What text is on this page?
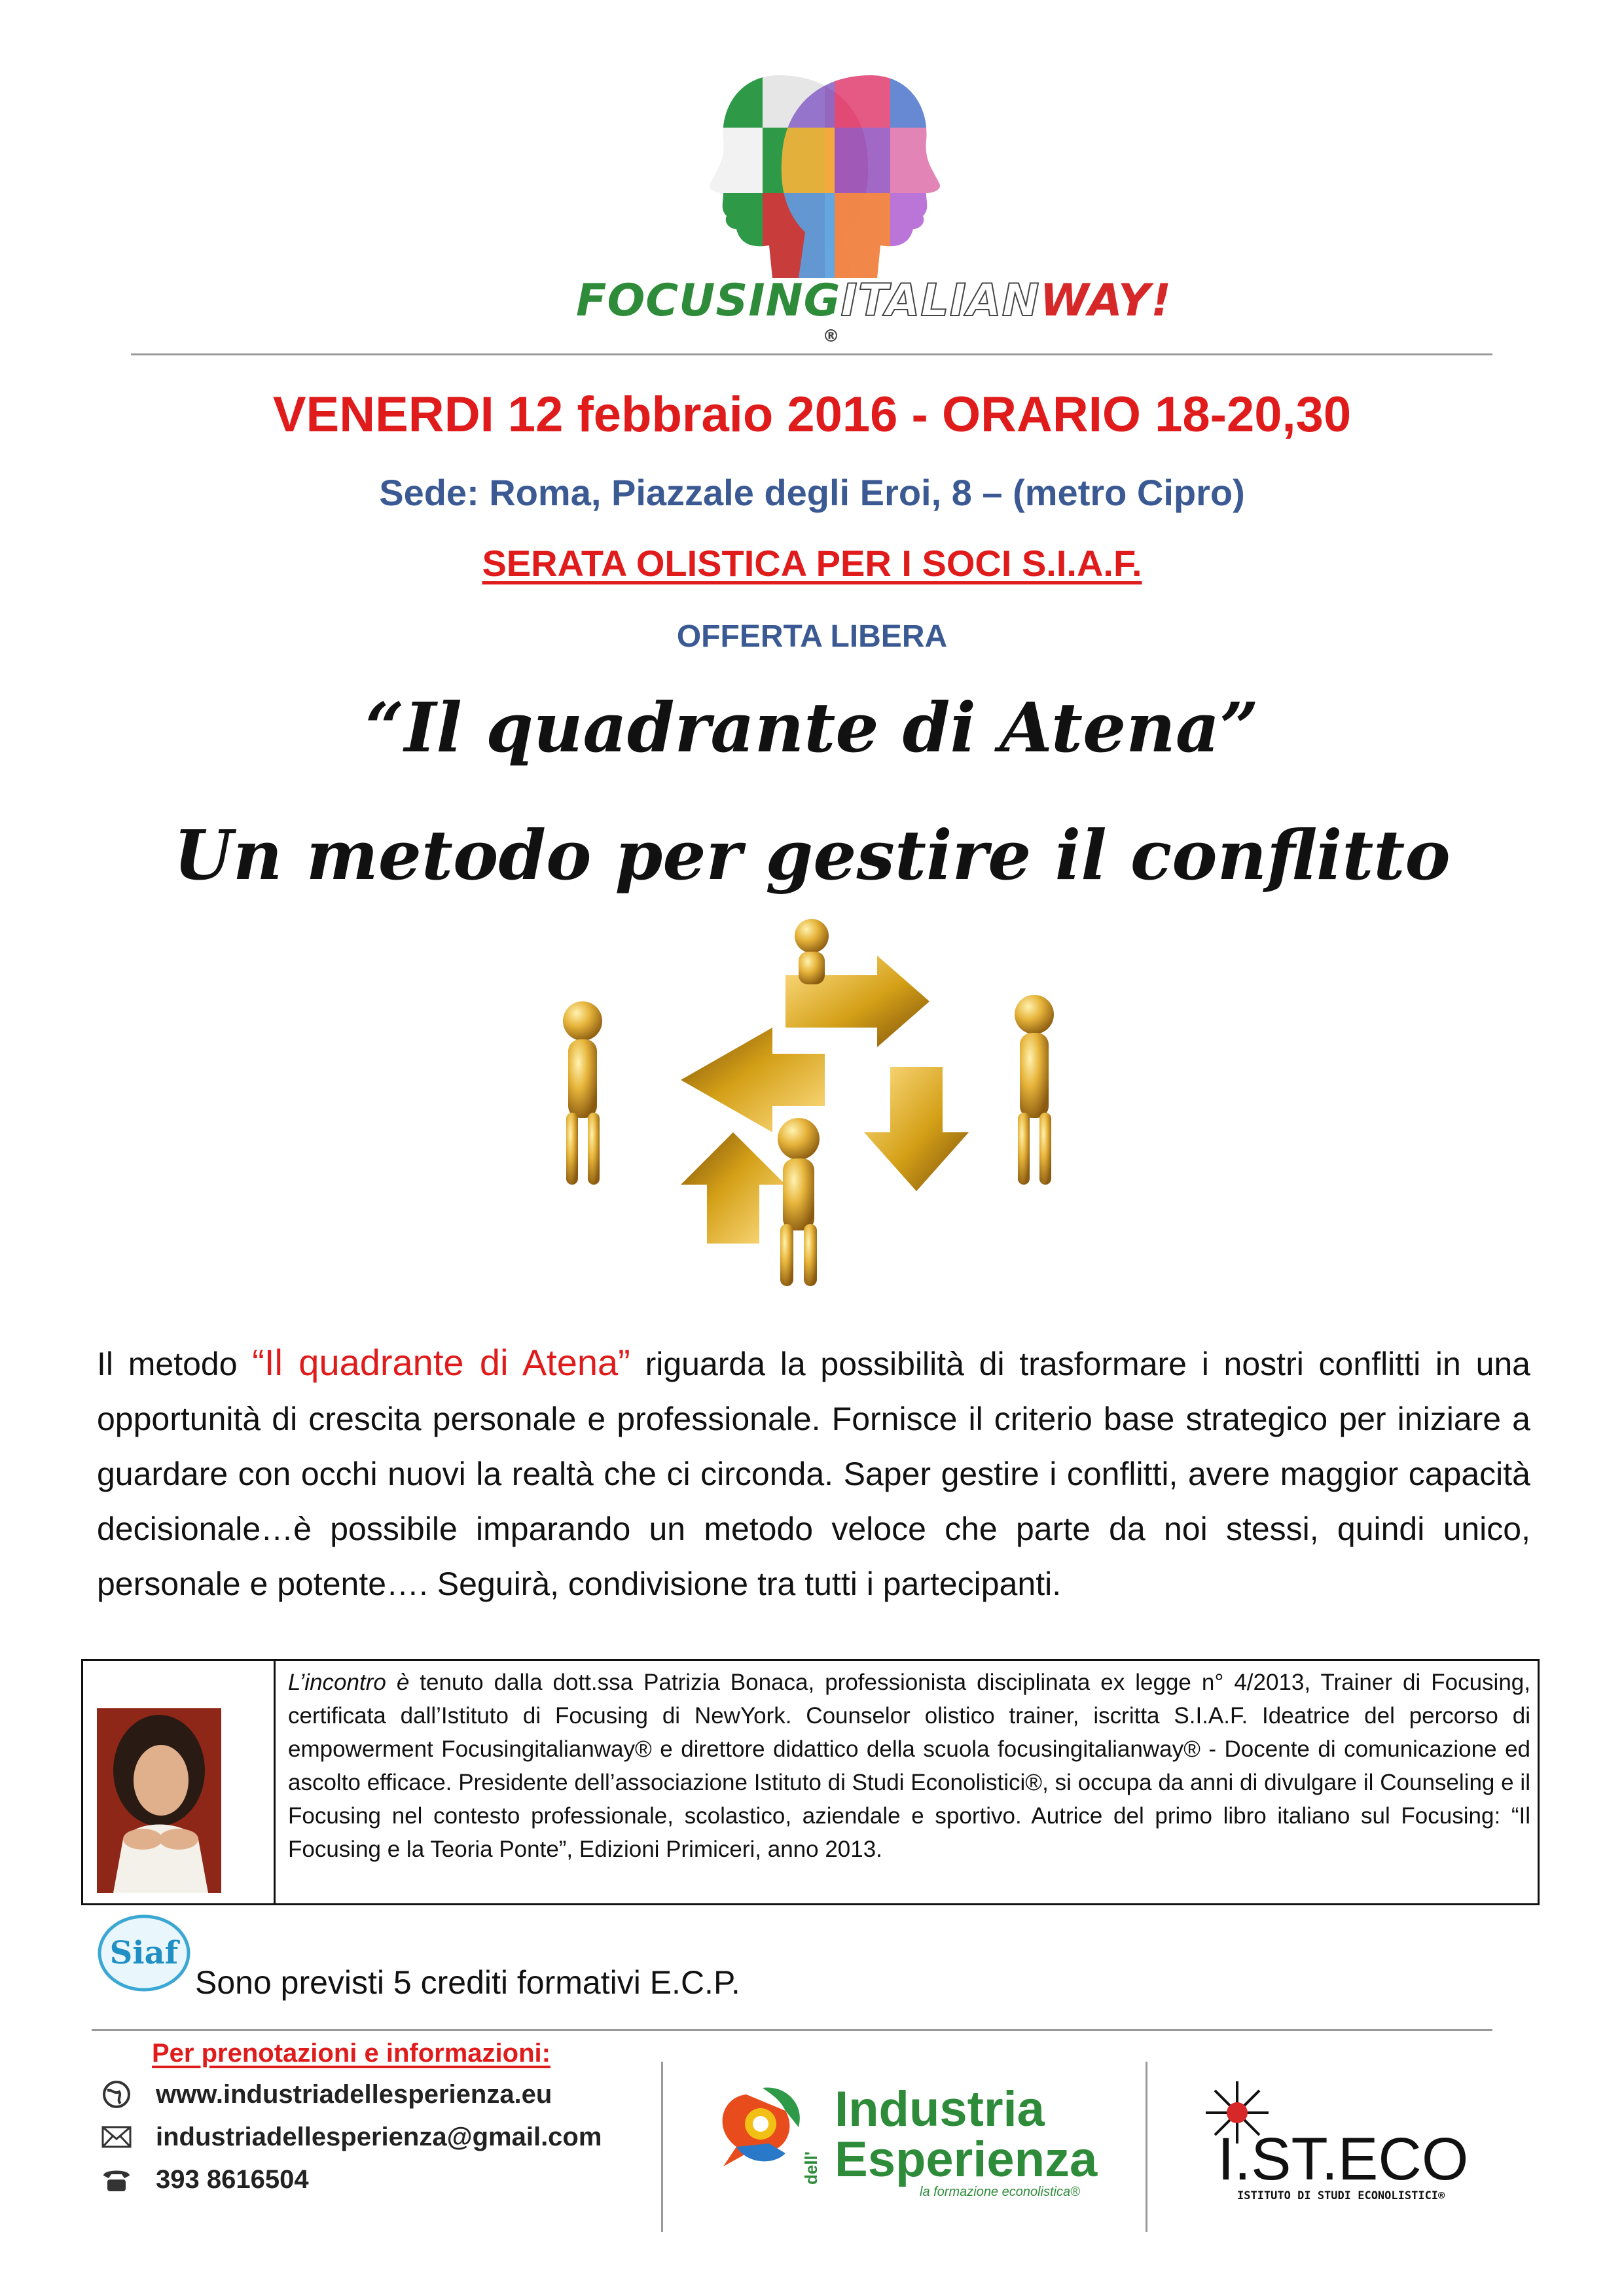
FOCUSINGITALIANWAY!®
VENERDI 12 febbraio 2016 - ORARIO 18-20,30
Sede: Roma, Piazzale degli Eroi, 8 – (metro Cipro)
SERATA OLISTICA PER I SOCI S.I.A.F.
OFFERTA LIBERA
“Il quadrante di Atena”
Un metodo per gestire il conflitto
Il metodo “Il quadrante di Atena” riguarda la possibilità di trasformare i nostri conflitti in una opportunità di crescita personale e professionale. Fornisce il criterio base strategico per iniziare a guardare con occhi nuovi la realtà che ci circonda. Saper gestire i conflitti, avere maggior capacità decisionale…è possibile imparando un metodo veloce che parte da noi stessi, quindi unico, personale e potente…. Seguirà, condivisione tra tutti i partecipanti.
L’incontro è tenuto dalla dott.ssa Patrizia Bonaca, professionista disciplinata ex legge n° 4/2013, Trainer di Focusing, certificata dall’Istituto di Focusing di NewYork. Counselor olistico trainer, iscritta S.I.A.F. Ideatrice del percorso di empowerment Focusingitalianway® e direttore didattico della scuola focusingitalianway® - Docente di comunicazione ed ascolto efficace. Presidente dell’associazione Istituto di Studi Econolistici®, si occupa da anni di divulgare il Counseling e il Focusing nel contesto professionale, scolastico, aziendale e sportivo. Autrice del primo libro italiano sul Focusing: “Il Focusing e la Teoria Ponte”, Edizioni Primiceri, anno 2013.
Siaf
Sono previsti 5 crediti formativi E.C.P.
Per prenotazioni e informazioni:
www.industriadellesperienza.eu
industriadellesperienza@gmail.com
393 8616504
Industria
dell' Esperienza
la formazione econolistica® I.ST.ECO
ISTITUTO DI STUDI ECONOLISTICI®
